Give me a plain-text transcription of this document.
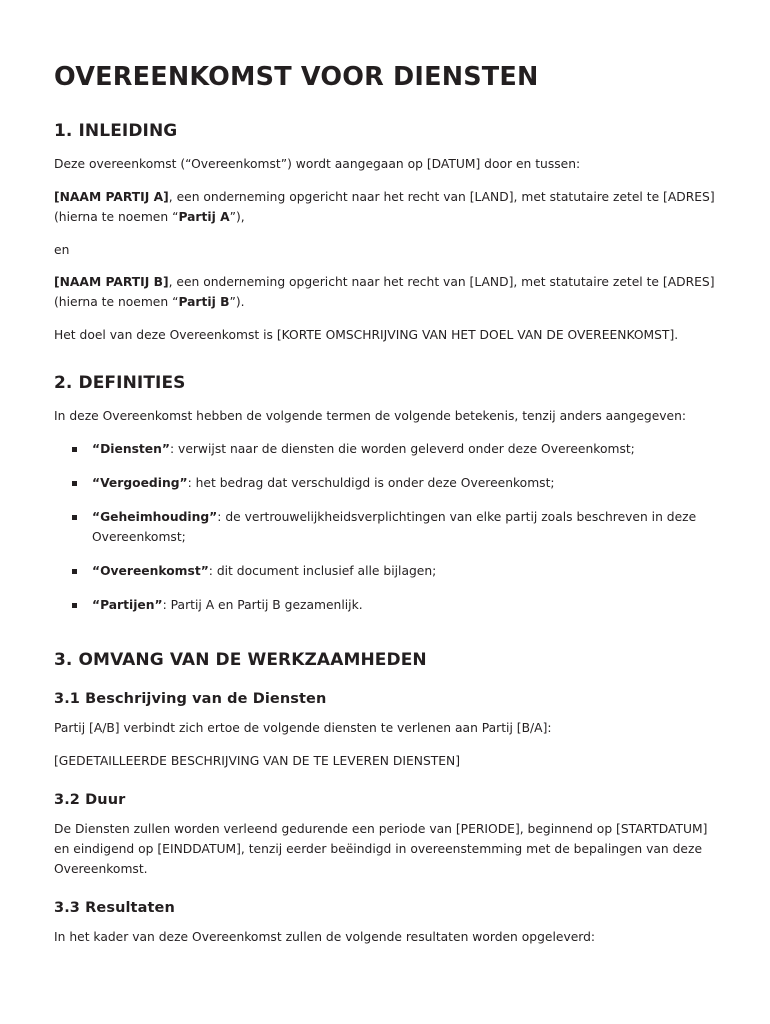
OVEREENKOMST VOOR DIENSTEN
1. INLEIDING

Deze overeenkomst (“Overeenkomst”) wordt aangegaan op [DATUM] door en tussen:

[NAAM PARTIJ A], een onderneming opgericht naar het recht van [LAND], met statutaire zetel te [ADRES] (hierna te noemen “Partij A”),

en

[NAAM PARTIJ B], een onderneming opgericht naar het recht van [LAND], met statutaire zetel te [ADRES] (hierna te noemen “Partij B”).

Het doel van deze Overeenkomst is [KORTE OMSCHRIJVING VAN HET DOEL VAN DE OVEREENKOMST].

2. DEFINITIES

In deze Overeenkomst hebben de volgende termen de volgende betekenis, tenzij anders aangegeven:

“Diensten”: verwijst naar de diensten die worden geleverd onder deze Overeenkomst;
“Vergoeding”: het bedrag dat verschuldigd is onder deze Overeenkomst;
“Geheimhouding”: de vertrouwelijkheidsverplichtingen van elke partij zoals beschreven in deze Overeenkomst;
“Overeenkomst”: dit document inclusief alle bijlagen;
“Partijen”: Partij A en Partij B gezamenlijk.
3. OMVANG VAN DE WERKZAAMHEDEN
3.1 Beschrijving van de Diensten

Partij [A/B] verbindt zich ertoe de volgende diensten te verlenen aan Partij [B/A]:

[GEDETAILLEERDE BESCHRIJVING VAN DE TE LEVEREN DIENSTEN]

3.2 Duur

De Diensten zullen worden verleend gedurende een periode van [PERIODE], beginnend op [STARTDATUM] en eindigend op [EINDDATUM], tenzij eerder beëindigd in overeenstemming met de bepalingen van deze Overeenkomst.

3.3 Resultaten

In het kader van deze Overeenkomst zullen de volgende resultaten worden opgeleverd:
